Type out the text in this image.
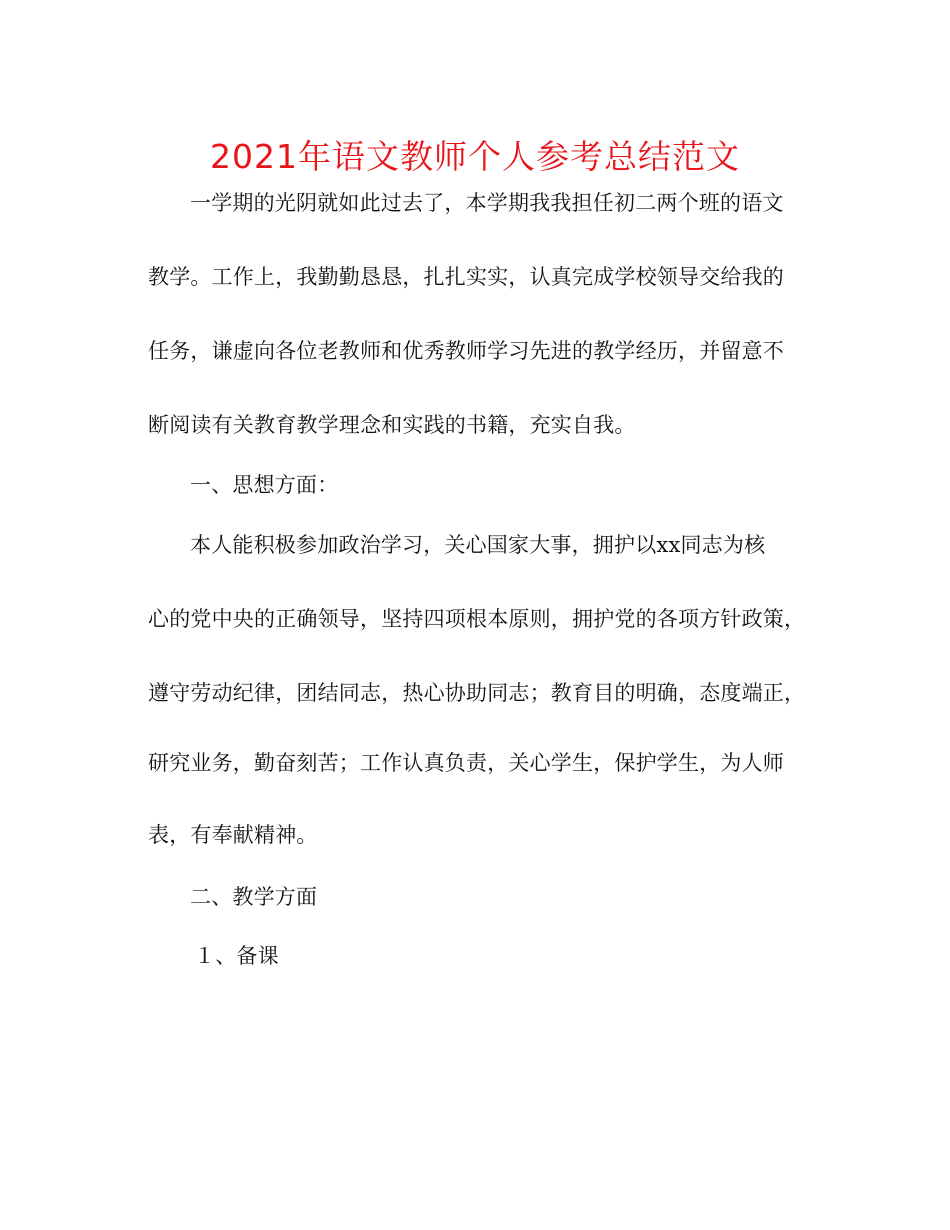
2021年语文教师个人参考总结范文
一学期的光阴就如此过去了，本学期我我担任初二两个班的语文
教学。工作上，我勤勤恳恳，扎扎实实，认真完成学校领导交给我的
任务，谦虚向各位老教师和优秀教师学习先进的教学经历，并留意不
断阅读有关教育教学理念和实践的书籍，充实自我。
一、思想方面：
本人能积极参加政治学习，关心国家大事，拥护以xx同志为核
心的党中央的正确领导，坚持四项根本原则，拥护党的各项方针政策，
遵守劳动纪律，团结同志，热心协助同志；教育目的明确，态度端正，
研究业务，勤奋刻苦；工作认真负责，关心学生，保护学生，为人师
表，有奉献精神。
二、教学方面
１、备课
